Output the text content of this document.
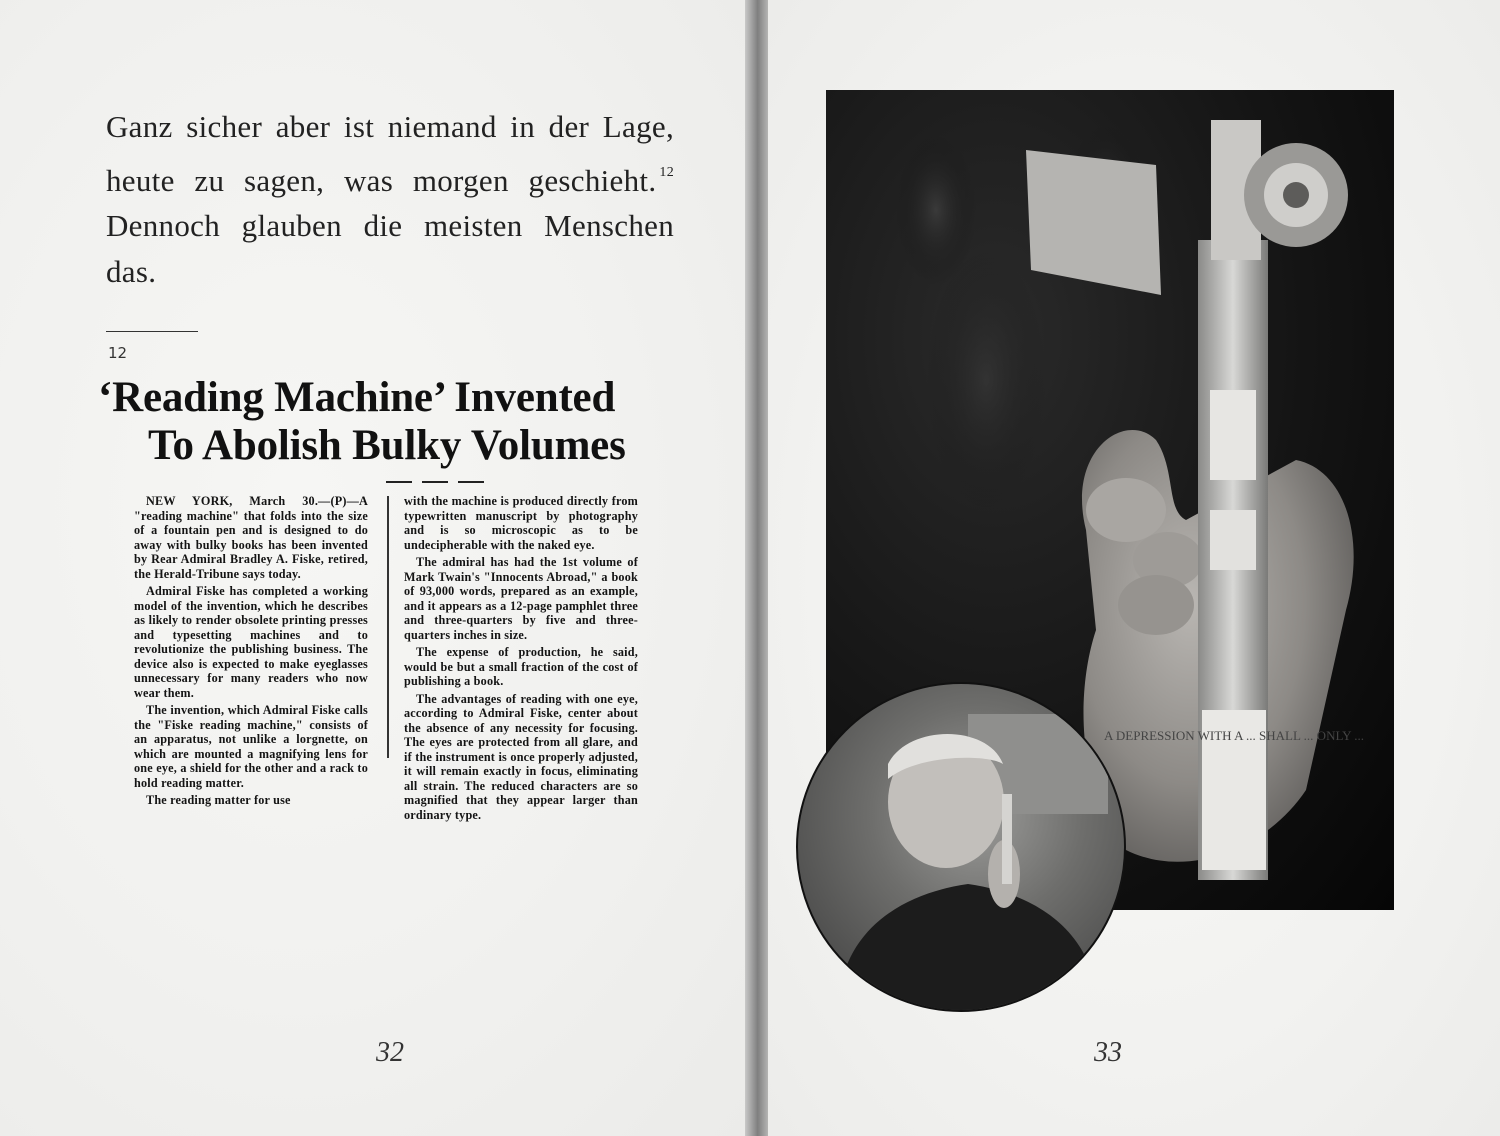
Ganz sicher aber ist niemand in der Lage, heute zu sagen, was morgen geschieht. $^{12}$ Dennoch glauben die meisten Menschen das.

12
‘Reading Machine’ Invented
To Abolish Bulky Volumes

NEW YORK, March 30.—(P)—A "reading machine" that folds into the size of a fountain pen and is designed to do away with bulky books has been invented by Rear Admiral Bradley A. Fiske, retired, the Herald-Tribune says today.

Admiral Fiske has completed a working model of the invention, which he describes as likely to render obsolete printing presses and typesetting machines and to revolutionize the publishing business. The device also is expected to make eyeglasses unnecessary for many readers who now wear them.

The invention, which Admiral Fiske calls the "Fiske reading machine," consists of an apparatus, not unlike a lorgnette, on which are mounted a magnifying lens for one eye, a shield for the other and a rack to hold reading matter.

The reading matter for use

with the machine is produced directly from typewritten manuscript by photography and is so microscopic as to be undecipherable with the naked eye.

The admiral has had the 1st volume of Mark Twain's "Innocents Abroad," a book of 93,000 words, prepared as an example, and it appears as a 12-page pamphlet three and three-quarters by five and three-quarters inches in size.

The expense of production, he said, would be but a small fraction of the cost of publishing a book.

The advantages of reading with one eye, according to Admiral Fiske, center about the absence of any necessity for focusing. The eyes are protected from all glare, and if the instrument is once properly adjusted, it will remain exactly in focus, eliminating all strain. The reduced characters are so magnified that they appear larger than ordinary type.

32	33
A DEPRESSION WITH A ... SHALL ... ONLY ...
